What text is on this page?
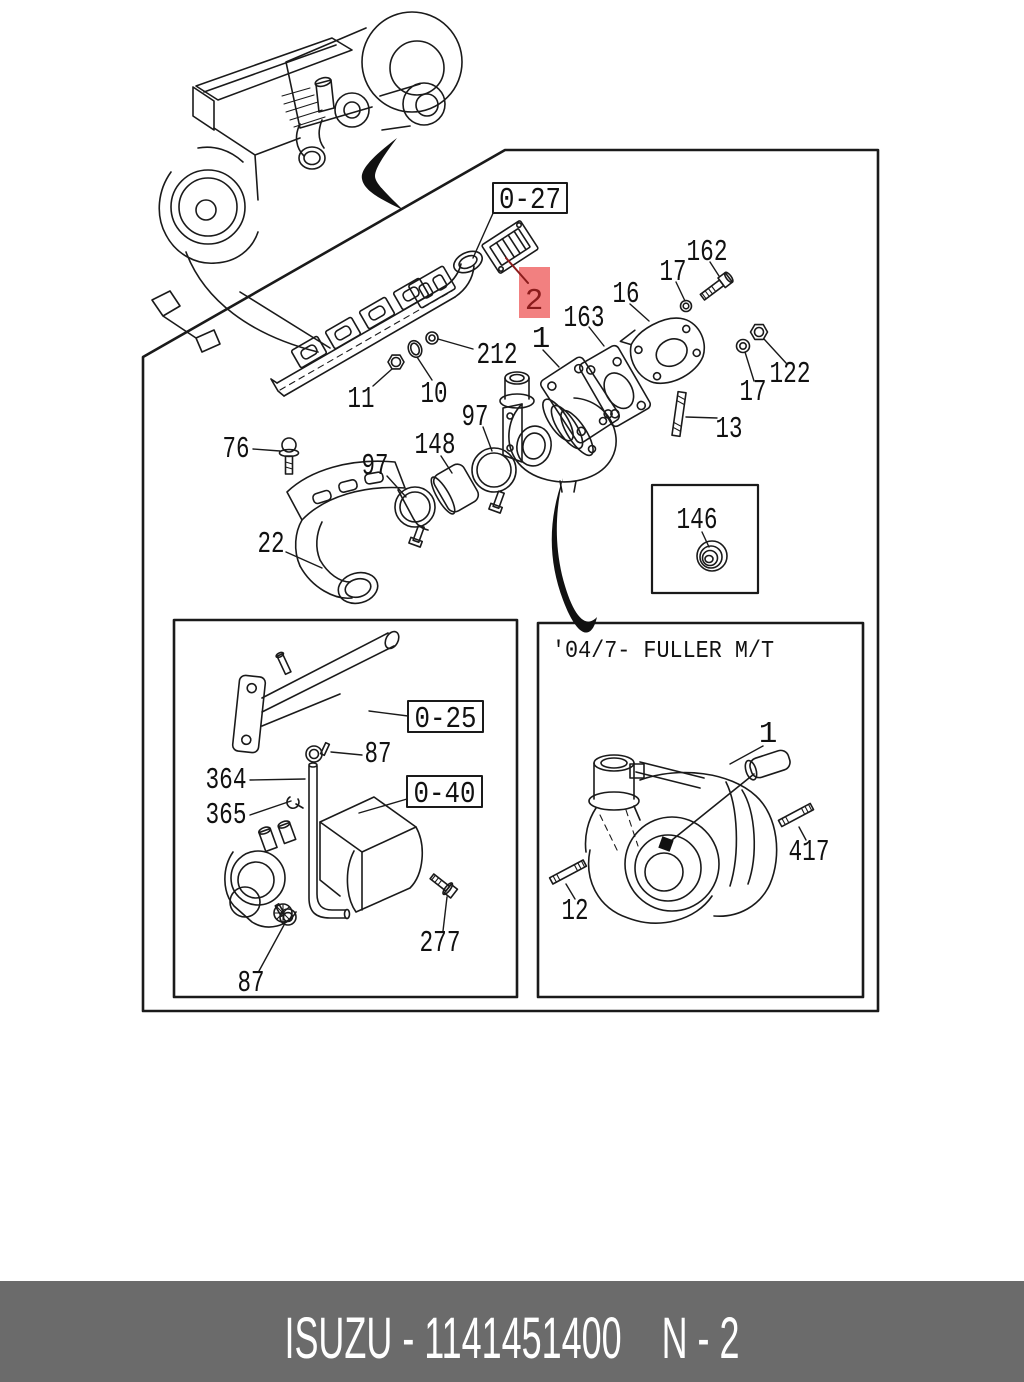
2
0-27
0-25
0-40
162
17
16
163
1
212
11 10
122
17
13
76	97
148
97
22
146
87
364
365
277
87
'04/7- FULLER M/T
1
417
12
ISUZU - 1141451400    N - 2
